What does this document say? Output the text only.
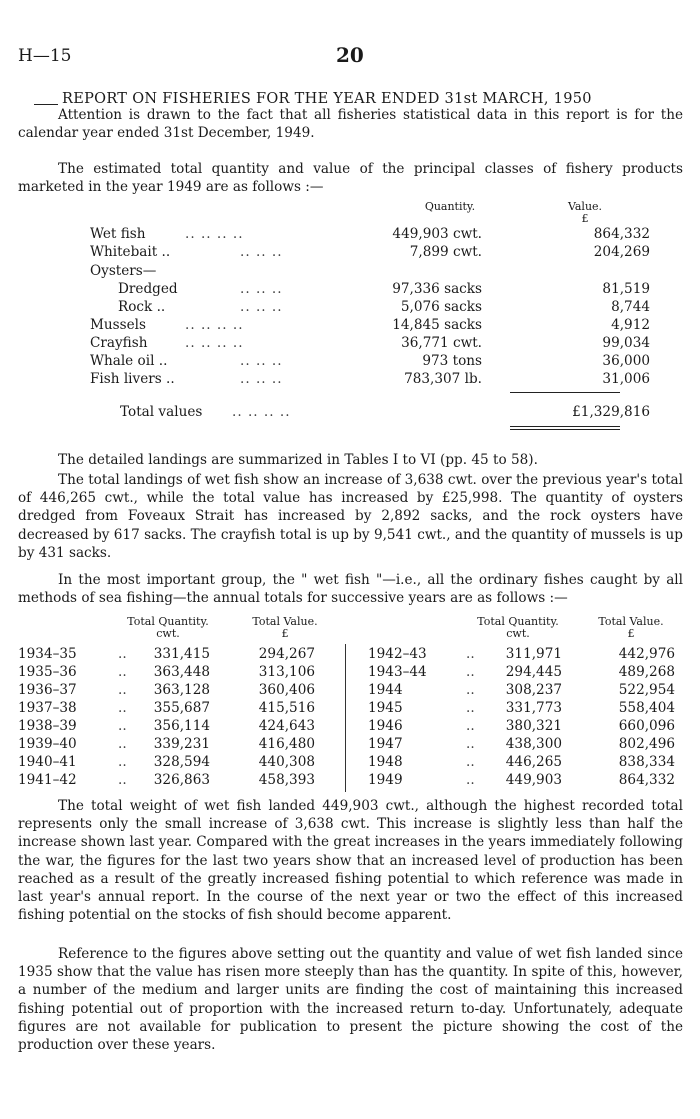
H—15	20
REPORT ON FISHERIES FOR THE YEAR ENDED 31st MARCH, 1950

Attention is drawn to the fact that all fisheries statistical data in this report is for the calendar year ended 31st December, 1949.

The estimated total quantity and value of the principal classes of fishery products marketed in the year 1949 are as follows :—

Quantity.	Value.
£
Wet fish	.. .. .. ..	449,903 cwt.	864,332
Whitebait ..	.. .. ..	7,899 cwt.	204,269
Oysters—
Dredged	.. .. ..	97,336 sacks	81,519
Rock ..	.. .. ..	5,076 sacks	8,744
Mussels	.. .. .. ..	14,845 sacks	4,912
Crayfish	.. .. .. ..	36,771 cwt.	99,034
Whale oil ..	.. .. ..	973 tons	36,000
Fish livers ..	.. .. ..	783,307 lb.	31,006
Total values .. .. .. ..	£1,329,816

The detailed landings are summarized in Tables I to VI (pp. 45 to 58).

The total landings of wet fish show an increase of 3,638 cwt. over the previous year's total of 446,265 cwt., while the total value has increased by £25,998. The quantity of oysters dredged from Foveaux Strait has increased by 2,892 sacks, and the rock oysters have decreased by 617 sacks. The crayfish total is up by 9,541 cwt., and the quantity of mussels is up by 431 sacks.

In the most important group, the " wet fish "—i.e., all the ordinary fishes caught by all methods of sea fishing—the annual totals for successive years are as follows :—

Total Quantity.
cwt.
Total Value.
£
Total Quantity.
cwt.
Total Value.
£
1934–35	.. 331,415	294,267	1942–43	.. 311,971	442,976
1935–36	.. 363,448	313,106	1943–44	.. 294,445	489,268
1936–37	.. 363,128	360,406	1944	.. 308,237	522,954
1937–38	.. 355,687	415,516	1945	.. 331,773	558,404
1938–39	.. 356,114	424,643	1946	.. 380,321	660,096
1939–40	.. 339,231	416,480	1947	.. 438,300	802,496
1940–41	.. 328,594	440,308	1948	.. 446,265	838,334
1941–42	.. 326,863	458,393	1949	.. 449,903	864,332

The total weight of wet fish landed 449,903 cwt., although the highest recorded total represents only the small increase of 3,638 cwt. This increase is slightly less than half the increase shown last year. Compared with the great increases in the years immediately following the war, the figures for the last two years show that an increased level of production has been reached as a result of the greatly increased fishing potential to which reference was made in last year's annual report. In the course of the next year or two the effect of this increased fishing potential on the stocks of fish should become apparent.

Reference to the figures above setting out the quantity and value of wet fish landed since 1935 show that the value has risen more steeply than has the quantity. In spite of this, however, a number of the medium and larger units are finding the cost of maintaining this increased fishing potential out of proportion with the increased return to-day. Unfortunately, adequate figures are not available for publication to present the picture showing the cost of the production over these years.
